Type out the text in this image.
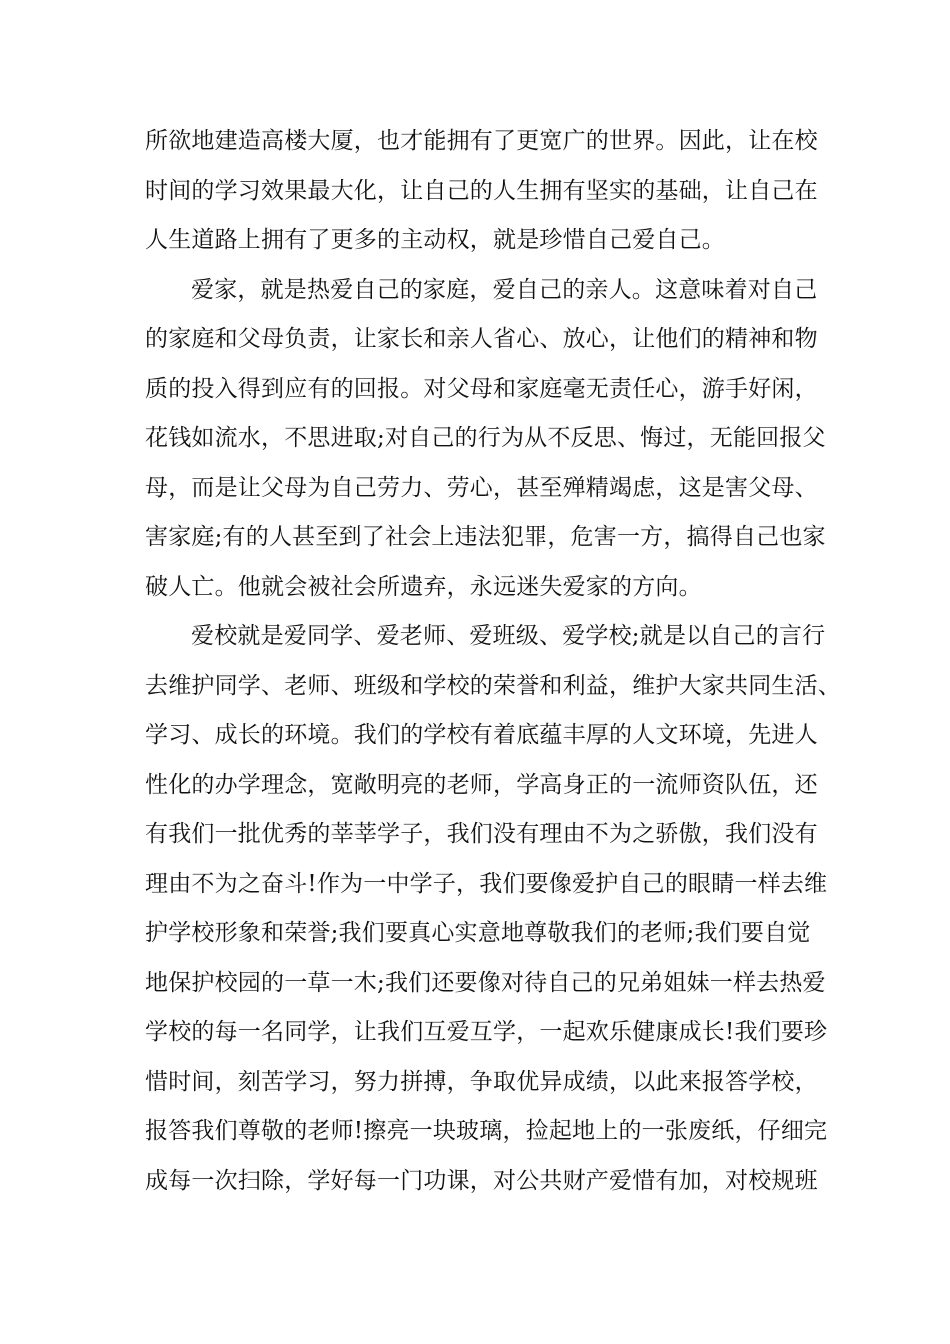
所欲地建造高楼大厦，也才能拥有了更宽广的世界。因此，让在校
时间的学习效果最大化，让自己的人生拥有坚实的基础，让自己在
人生道路上拥有了更多的主动权，就是珍惜自己爱自己。
爱家，就是热爱自己的家庭，爱自己的亲人。这意味着对自己
的家庭和父母负责，让家长和亲人省心、放心，让他们的精神和物
质的投入得到应有的回报。对父母和家庭毫无责任心，游手好闲，
花钱如流水，不思进取;对自己的行为从不反思、悔过，无能回报父
母，而是让父母为自己劳力、劳心，甚至殚精竭虑，这是害父母、
害家庭;有的人甚至到了社会上违法犯罪，危害一方，搞得自己也家
破人亡。他就会被社会所遗弃，永远迷失爱家的方向。
爱校就是爱同学、爱老师、爱班级、爱学校;就是以自己的言行
去维护同学、老师、班级和学校的荣誉和利益，维护大家共同生活、
学习、成长的环境。我们的学校有着底蕴丰厚的人文环境，先进人
性化的办学理念，宽敞明亮的老师，学高身正的一流师资队伍，还
有我们一批优秀的莘莘学子，我们没有理由不为之骄傲，我们没有
理由不为之奋斗!作为一中学子，我们要像爱护自己的眼睛一样去维
护学校形象和荣誉;我们要真心实意地尊敬我们的老师;我们要自觉
地保护校园的一草一木;我们还要像对待自己的兄弟姐妹一样去热爱
学校的每一名同学，让我们互爱互学，一起欢乐健康成长!我们要珍
惜时间，刻苦学习，努力拼搏，争取优异成绩，以此来报答学校，
报答我们尊敬的老师!擦亮一块玻璃，捡起地上的一张废纸，仔细完
成每一次扫除，学好每一门功课，对公共财产爱惜有加，对校规班
